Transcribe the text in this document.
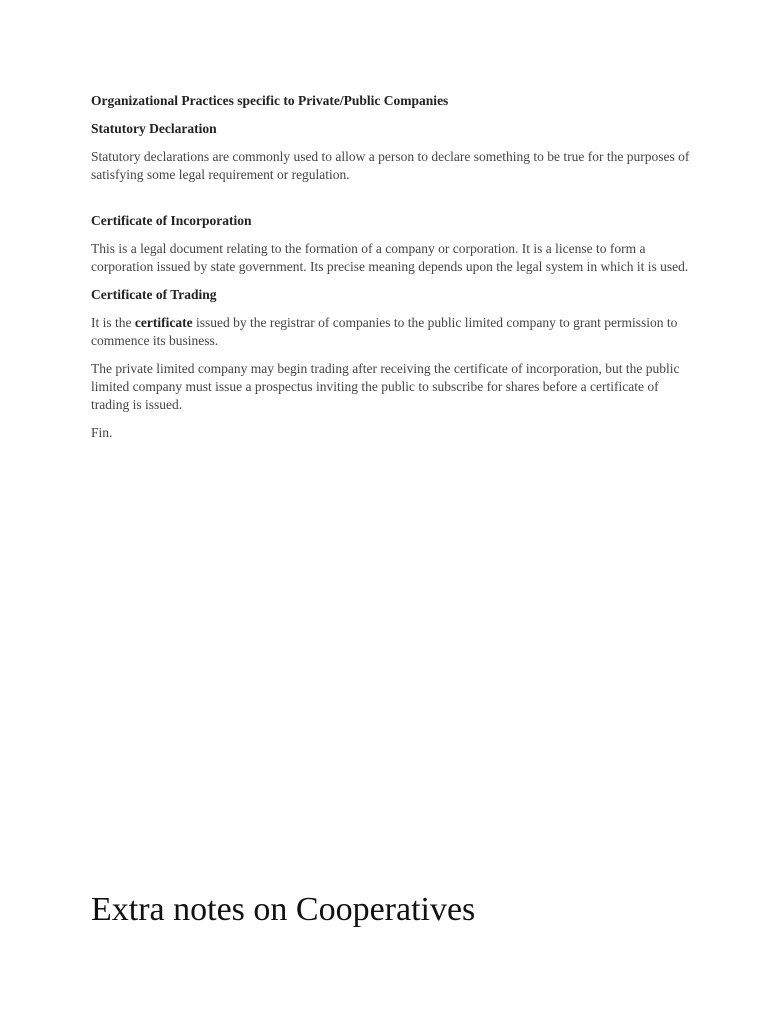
Organizational Practices specific to Private/Public Companies
Statutory Declaration

Statutory declarations are commonly used to allow a person to declare something to be true for the purposes of satisfying some legal requirement or regulation.

Certificate of Incorporation

This is a legal document relating to the formation of a company or corporation. It is a license to form a corporation issued by state government. Its precise meaning depends upon the legal system in which it is used.

Certificate of Trading

It is the certificate issued by the registrar of companies to the public limited company to grant permission to commence its business.

The private limited company may begin trading after receiving the certificate of incorporation, but the public limited company must issue a prospectus inviting the public to subscribe for shares before a certificate of trading is issued.

Fin.

Extra notes on Cooperatives
